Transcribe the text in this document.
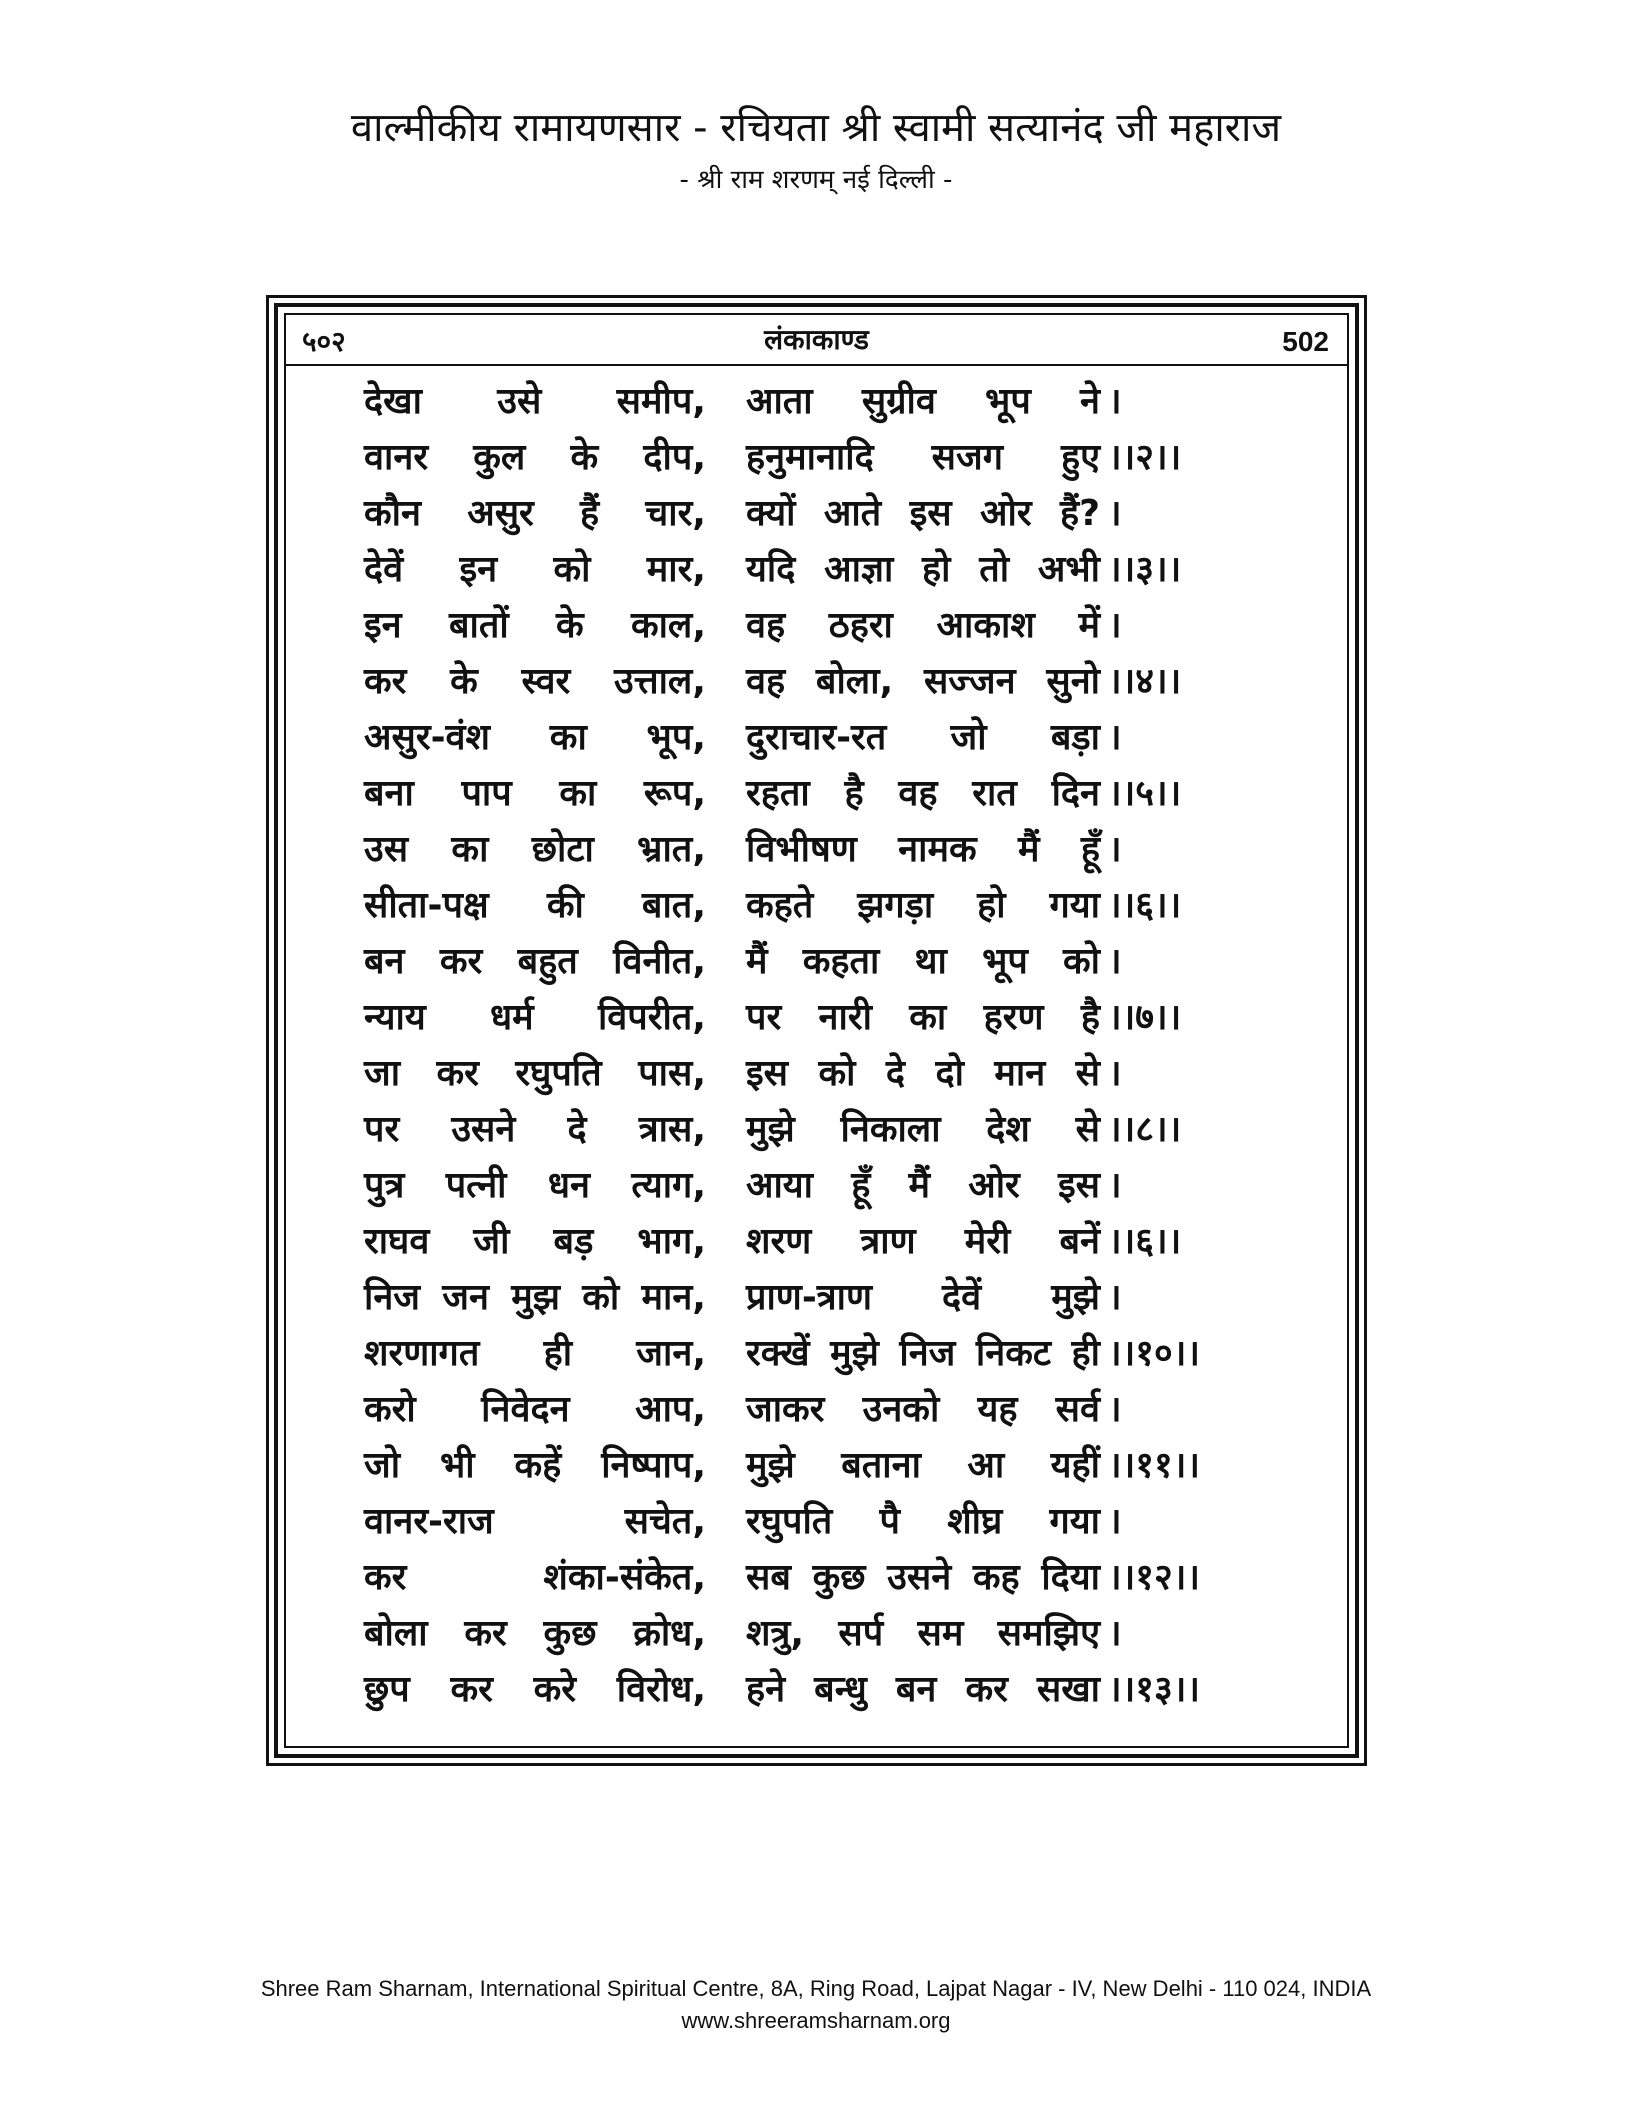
वाल्मीकीय रामायणसार - रचियता श्री स्वामी सत्यानंद जी महाराज
- श्री राम शरणम् नई दिल्ली -
५०२	लंकाकाण्ड	502
देखा उसे समीप, आता सुग्रीव भूप ने ।
वानर कुल के दीप, हनुमानादि सजग हुए ।।२।।
कौन असुर हैं चार, क्यों आते इस ओर हैं? ।
देवें इन को मार, यदि आज्ञा हो तो अभी ।।३।।
इन बातों के काल, वह ठहरा आकाश में ।
कर के स्वर उत्ताल, वह बोला, सज्जन सुनो ।।४।।
असुर-वंश का भूप, दुराचार-रत जो बड़ा ।
बना पाप का रूप, रहता है वह रात दिन ।।५।।
उस का छोटा भ्रात, विभीषण नामक मैं हूँ ।
सीता-पक्ष की बात, कहते झगड़ा हो गया ।।६।।
बन कर बहुत विनीत, मैं कहता था भूप को ।
न्याय धर्म विपरीत, पर नारी का हरण है ।।७।।
जा कर रघुपति पास, इस को दे दो मान से ।
पर उसने दे त्रास, मुझे निकाला देश से ।।८।।
पुत्र पत्नी धन त्याग, आया हूँ मैं ओर इस ।
राघव जी बड़ भाग, शरण त्राण मेरी बनें ।।६।।
निज जन मुझ को मान, प्राण-त्राण देवें मुझे ।
शरणागत ही जान, रक्खें मुझे निज निकट ही ।।१०।।
करो निवेदन आप, जाकर उनको यह सर्व ।
जो भी कहें निष्पाप, मुझे बताना आ यहीं ।।११।।
वानर-राज सचेत, रघुपति पै शीघ्र गया ।
कर शंका-संकेत, सब कुछ उसने कह दिया ।।१२।।
बोला कर कुछ क्रोध, शत्रु, सर्प सम समझिए ।
छुप कर करे विरोध, हने बन्धु बन कर सखा ।।१३।।
Shree Ram Sharnam, International Spiritual Centre, 8A, Ring Road, Lajpat Nagar - IV, New Delhi - 110 024, INDIA
www.shreeramsharnam.org
